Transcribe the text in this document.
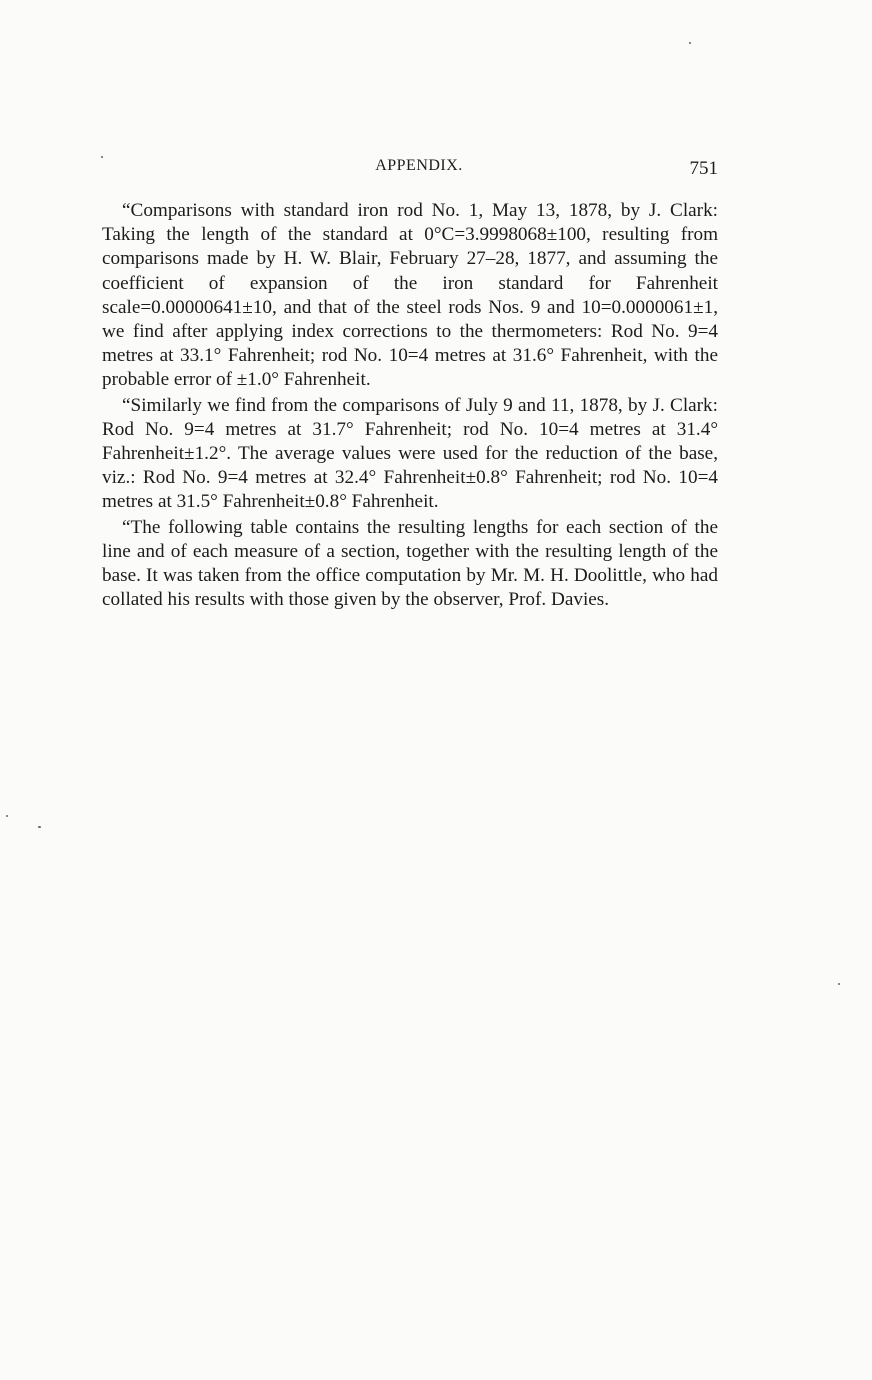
APPENDIX.	751

“Comparisons with standard iron rod No. 1, May 13, 1878, by J. Clark: Taking the length of the standard at 0°C=3.9998068±100, resulting from comparisons made by H. W. Blair, February 27–28, 1877, and assuming the coefficient of expansion of the iron standard for Fahrenheit scale=0.00000641±10, and that of the steel rods Nos. 9 and 10=0.0000061±1, we find after applying index corrections to the thermometers: Rod No. 9=4 metres at 33.1° Fahrenheit; rod No. 10=4 metres at 31.6° Fahrenheit, with the probable error of ±1.0° Fahrenheit.

“Similarly we find from the comparisons of July 9 and 11, 1878, by J. Clark: Rod No. 9=4 metres at 31.7° Fahrenheit; rod No. 10=4 metres at 31.4° Fahrenheit±1.2°. The average values were used for the reduction of the base, viz.: Rod No. 9=4 metres at 32.4° Fahrenheit±0.8° Fahrenheit; rod No. 10=4 metres at 31.5° Fahrenheit±0.8° Fahrenheit.

“The following table contains the resulting lengths for each section of the line and of each measure of a section, together with the resulting length of the base. It was taken from the office computation by Mr. M. H. Doolittle, who had collated his results with those given by the observer, Prof. Davies.
